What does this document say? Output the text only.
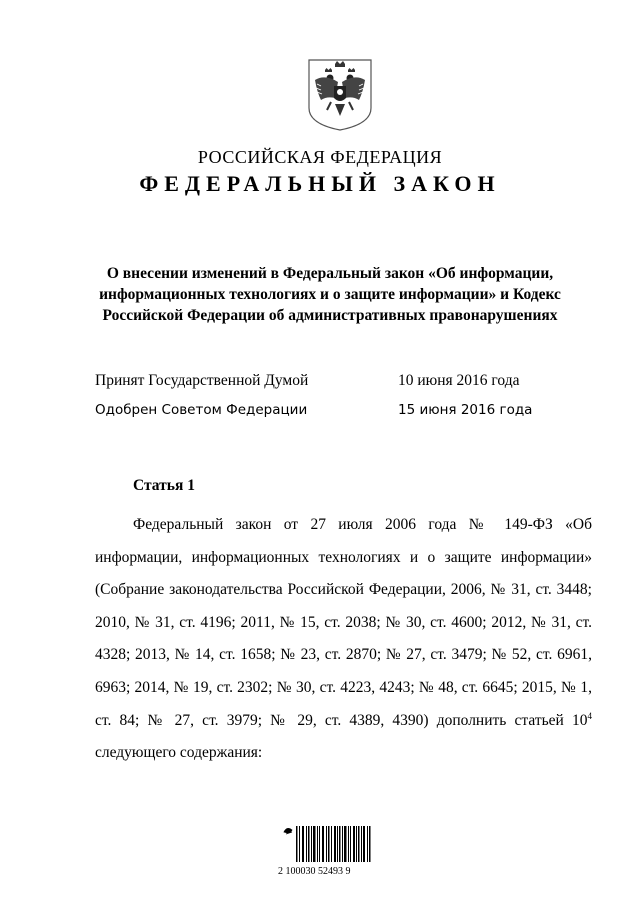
РОССИЙСКАЯ ФЕДЕРАЦИЯ
ФЕДЕРАЛЬНЫЙ ЗАКОН
О внесении изменений в Федеральный закон «Об информации, информационных технологиях и о защите информации» и Кодекс Российской Федерации об административных правонарушениях
Принят Государственной Думой	10 июня 2016 года
Одобрен Советом Федерации	15 июня 2016 года
Статья 1
Федеральный закон от 27 июля 2006 года № 149-ФЗ «Об информации, информационных технологиях и о защите информации» (Собрание законодательства Российской Федерации, 2006, № 31, ст. 3448; 2010, № 31, ст. 4196; 2011, № 15, ст. 2038; № 30, ст. 4600; 2012, № 31, ст. 4328; 2013, № 14, ст. 1658; № 23, ст. 2870; № 27, ст. 3479; № 52, ст. 6961, 6963; 2014, № 19, ст. 2302; № 30, ст. 4223, 4243; № 48, ст. 6645; 2015, № 1, ст. 84; № 27, ст. 3979; № 29, ст. 4389, 4390) дополнить статьей $10^4$ следующего содержания:
2 100030 52493 9
